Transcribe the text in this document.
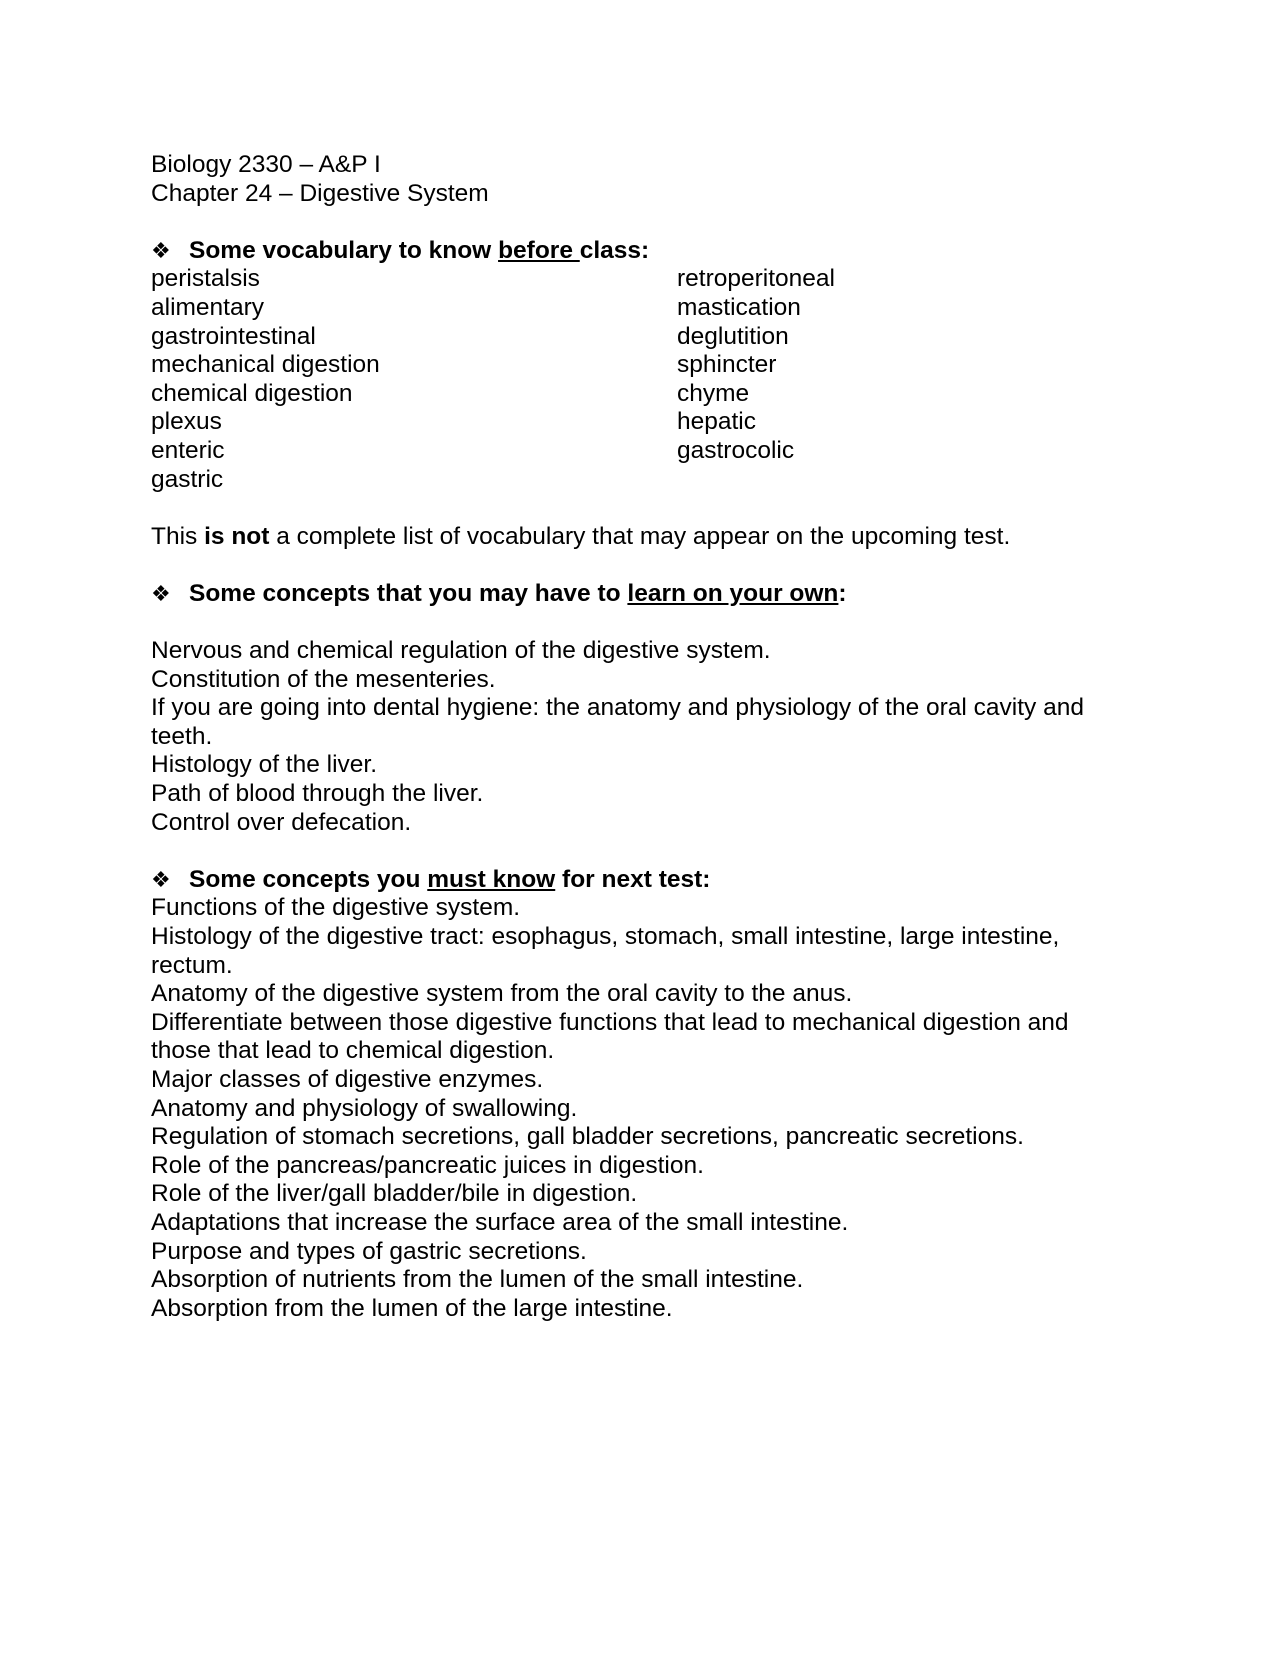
Biology 2330 – A&P I
Chapter 24 – Digestive System
❖ Some vocabulary to know before class:
peristalsis
alimentary
gastrointestinal
mechanical digestion
chemical digestion
plexus
enteric
gastric
retroperitoneal
mastication
deglutition
sphincter
chyme
hepatic
gastrocolic
This is not a complete list of vocabulary that may appear on the upcoming test.
❖ Some concepts that you may have to learn on your own:
Nervous and chemical regulation of the digestive system.
Constitution of the mesenteries.
If you are going into dental hygiene: the anatomy and physiology of the oral cavity and teeth.
Histology of the liver.
Path of blood through the liver.
Control over defecation.
❖ Some concepts you must know for next test:
Functions of the digestive system.
Histology of the digestive tract: esophagus, stomach, small intestine, large intestine, rectum.
Anatomy of the digestive system from the oral cavity to the anus.
Differentiate between those digestive functions that lead to mechanical digestion and those that lead to chemical digestion.
Major classes of digestive enzymes.
Anatomy and physiology of swallowing.
Regulation of stomach secretions, gall bladder secretions, pancreatic secretions.
Role of the pancreas/pancreatic juices in digestion.
Role of the liver/gall bladder/bile in digestion.
Adaptations that increase the surface area of the small intestine.
Purpose and types of gastric secretions.
Absorption of nutrients from the lumen of the small intestine.
Absorption from the lumen of the large intestine.
